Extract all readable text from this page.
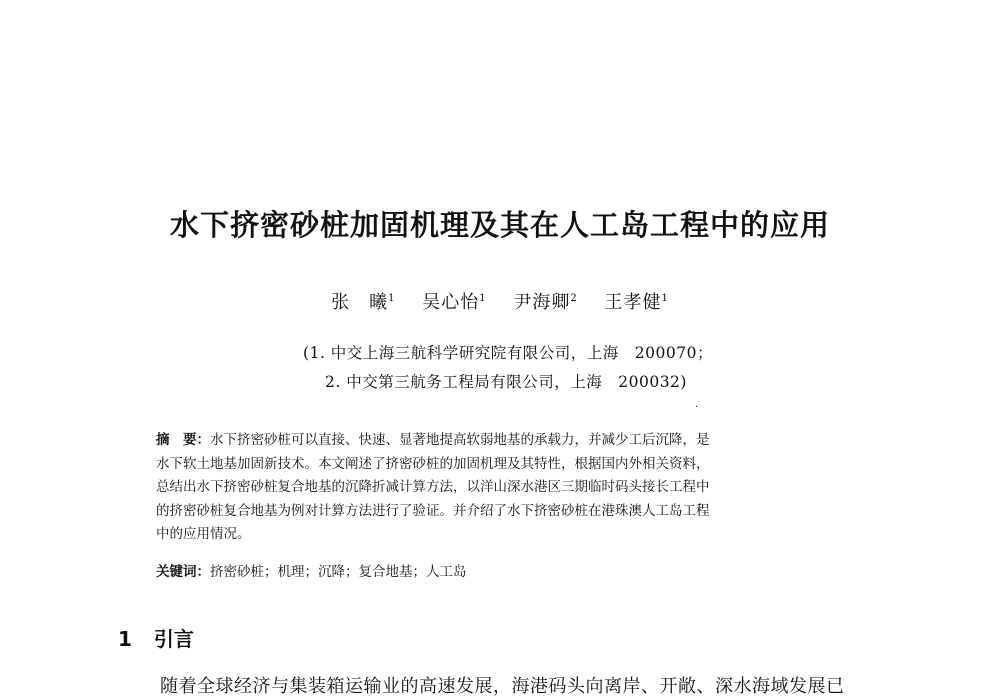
水下挤密砂桩加固机理及其在人工岛工程中的应用
张　曦$^1$ 吴心怡$^1$ 尹海卿$^2$ 王孝健$^1$
(1. 中交上海三航科学研究院有限公司，上海　200070；
2. 中交第三航务工程局有限公司，上海　200032)
·
摘　要：水下挤密砂桩可以直接、快速、显著地提高软弱地基的承载力，并减少工后沉降，是
水下软土地基加固新技术。本文阐述了挤密砂桩的加固机理及其特性，根据国内外相关资料，
总结出水下挤密砂桩复合地基的沉降折减计算方法，以洋山深水港区三期临时码头接长工程中
的挤密砂桩复合地基为例对计算方法进行了验证。并介绍了水下挤密砂桩在港珠澳人工岛工程
中的应用情况。
关键词：挤密砂桩；机理；沉降；复合地基；人工岛
1 引言
随着全球经济与集装箱运输业的高速发展，海港码头向离岸、开敞、深水海域发展已
